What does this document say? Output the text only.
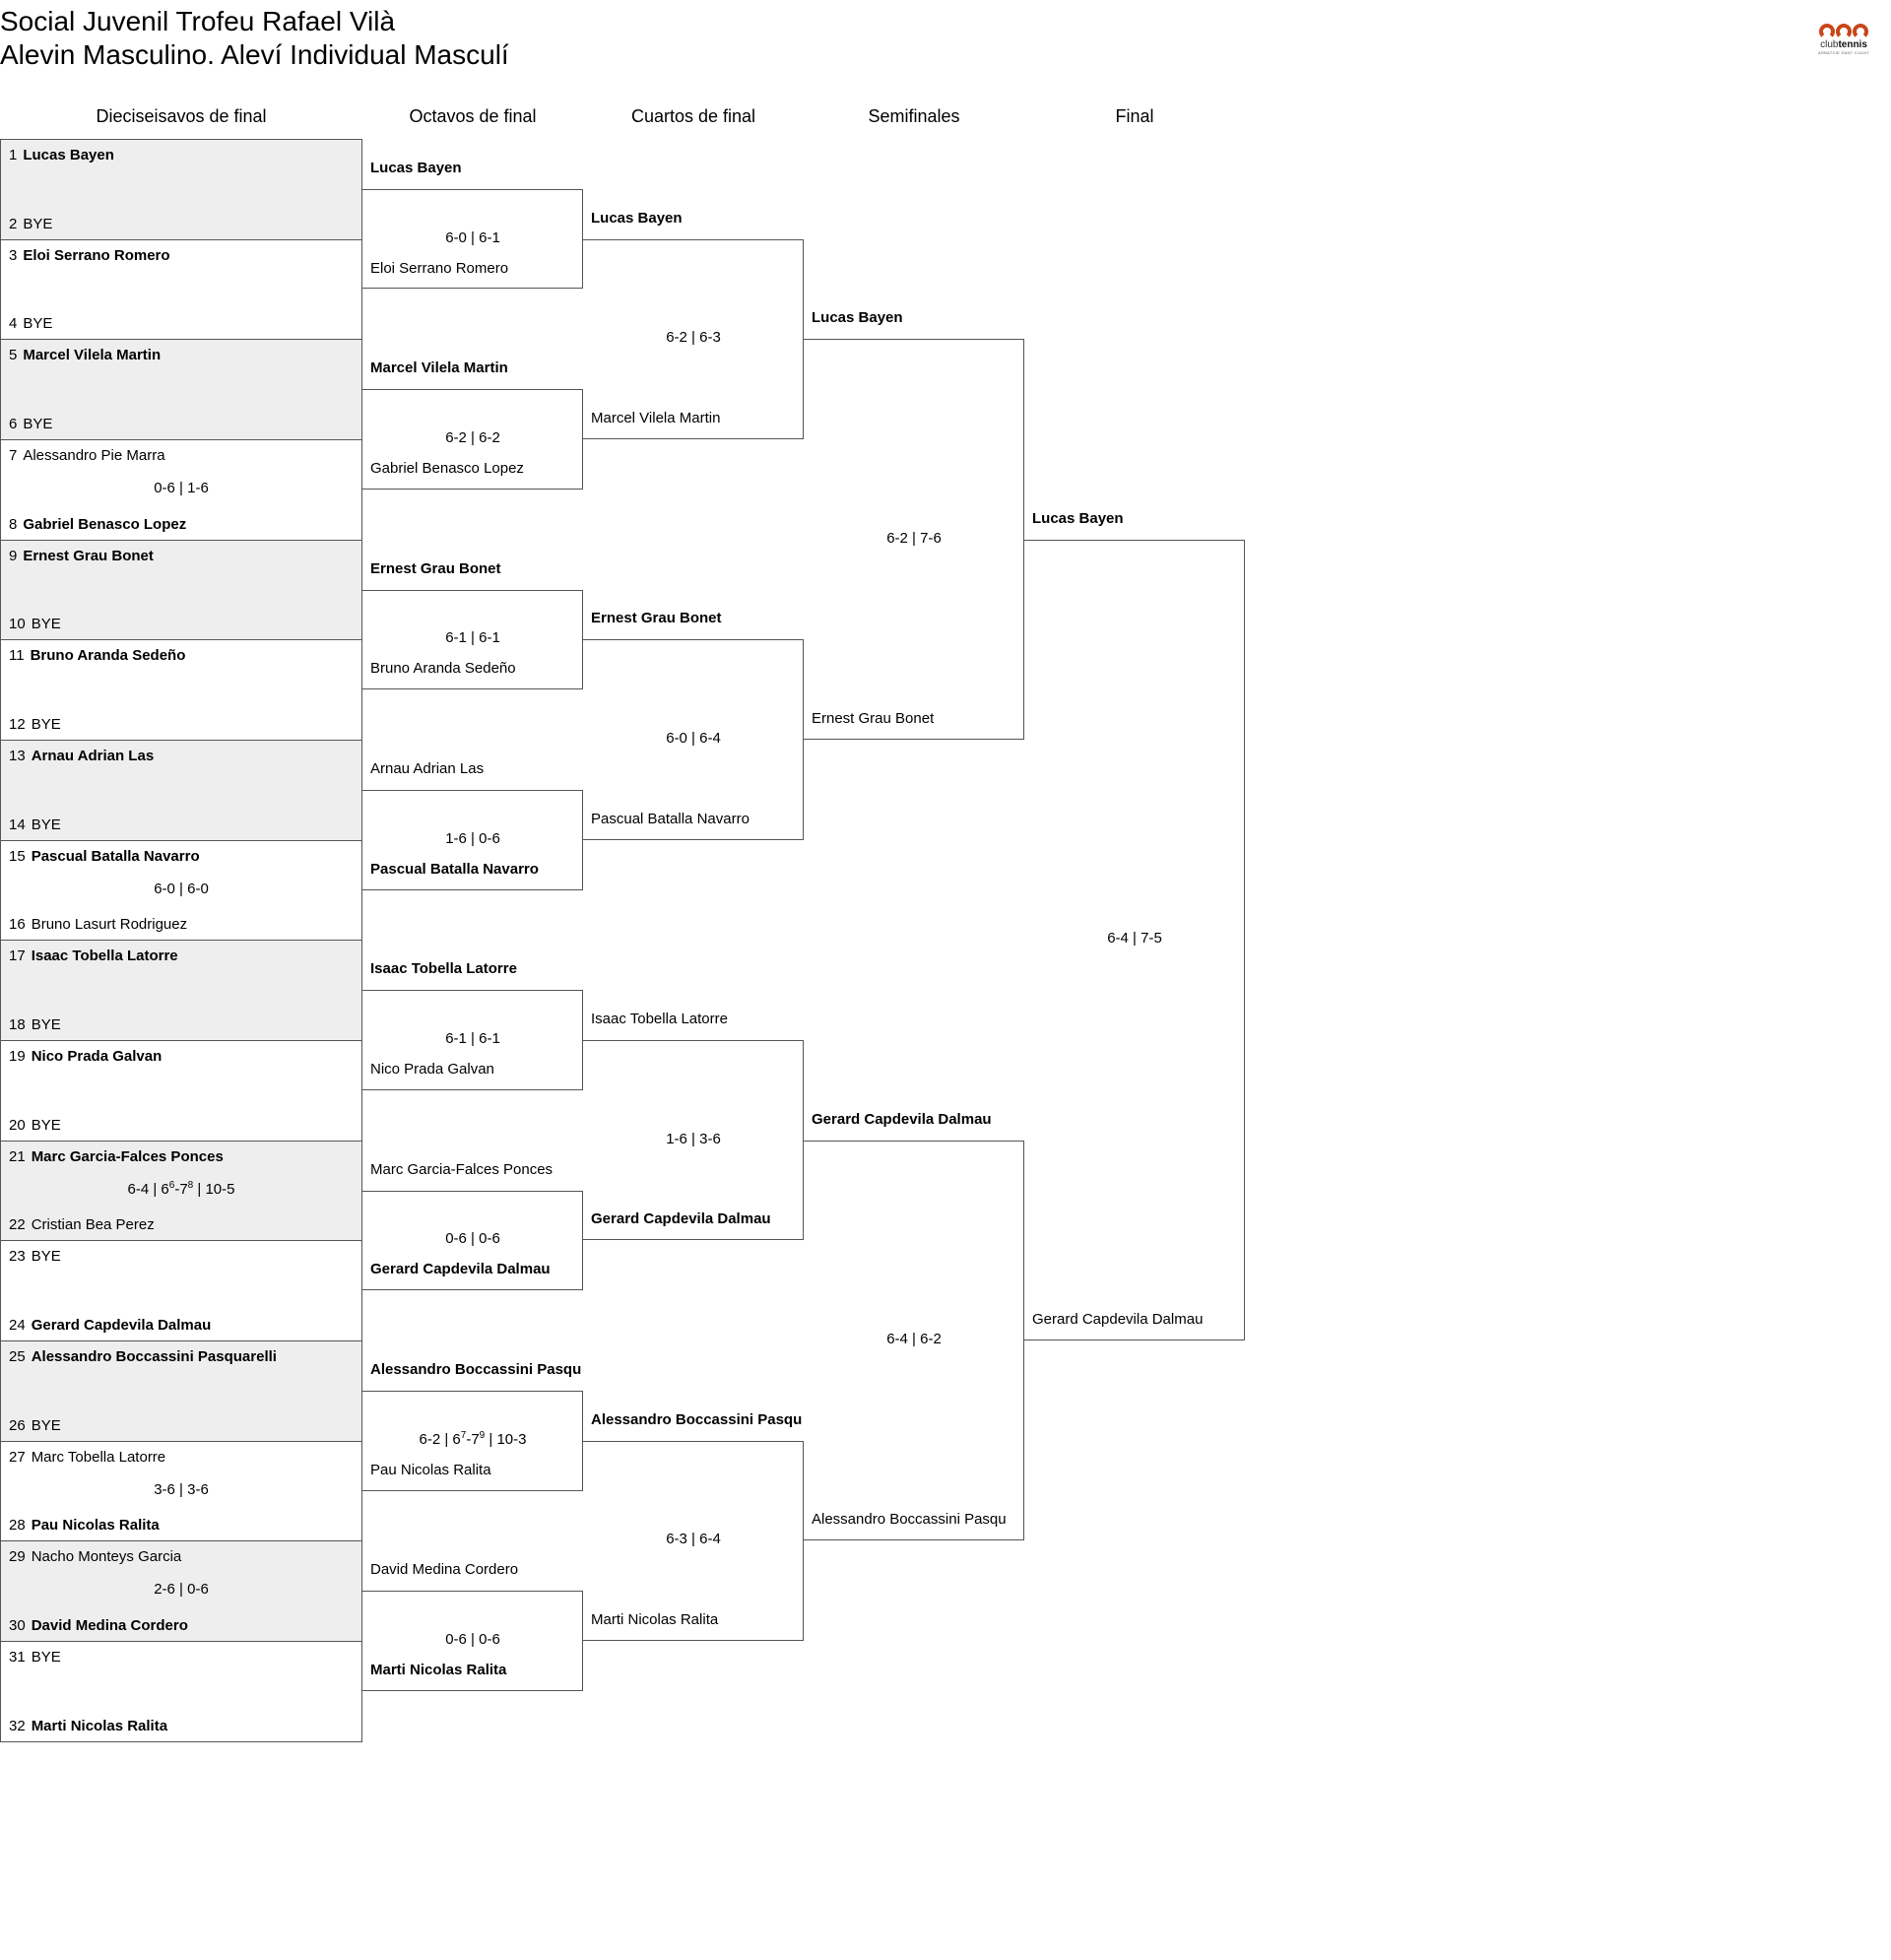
Social Juvenil Trofeu Rafael Vilà
Alevin Masculino. Aleví Individual Masculí	clubtennis
ARBATCIE SANT CUGAT
Dieciseisavos de final	Octavos de final	Cuartos de final	Semifinales	Final
1 Lucas Bayen
2 BYE
3 Eloi Serrano Romero
4 BYE
5 Marcel Vilela Martin
6 BYE
7 Alessandro Pie Marra
8 Gabriel Benasco Lopez
0-6 | 1-6
9 Ernest Grau Bonet
10 BYE
11 Bruno Aranda Sedeño
12 BYE
13 Arnau Adrian Las
14 BYE
15 Pascual Batalla Navarro
16 Bruno Lasurt Rodriguez
6-0 | 6-0
17 Isaac Tobella Latorre
18 BYE
19 Nico Prada Galvan
20 BYE
21 Marc Garcia-Falces Ponces
22 Cristian Bea Perez
6-4 | $6^6-7^8$ | 10-5
23 BYE
24 Gerard Capdevila Dalmau
25 Alessandro Boccassini Pasquarelli
26 BYE
27 Marc Tobella Latorre
28 Pau Nicolas Ralita
3-6 | 3-6
29 Nacho Monteys Garcia
30 David Medina Cordero
2-6 | 0-6
31 BYE
32 Marti Nicolas Ralita
Lucas Bayen
Eloi Serrano Romero
6-0 | 6-1
Marcel Vilela Martin
Gabriel Benasco Lopez
6-2 | 6-2
Ernest Grau Bonet
Bruno Aranda Sedeño
6-1 | 6-1
Arnau Adrian Las
Pascual Batalla Navarro
1-6 | 0-6
Isaac Tobella Latorre
Nico Prada Galvan
6-1 | 6-1
Marc Garcia-Falces Ponces
Gerard Capdevila Dalmau
0-6 | 0-6
Alessandro Boccassini Pasqu
Pau Nicolas Ralita
6-2 | $6^7-7^9$ | 10-3
David Medina Cordero
Marti Nicolas Ralita
0-6 | 0-6
Lucas Bayen
Marcel Vilela Martin
6-2 | 6-3
Ernest Grau Bonet
Pascual Batalla Navarro
6-0 | 6-4
Isaac Tobella Latorre
Gerard Capdevila Dalmau
1-6 | 3-6
Alessandro Boccassini Pasqu
Marti Nicolas Ralita
6-3 | 6-4
Lucas Bayen
Ernest Grau Bonet
6-2 | 7-6
Gerard Capdevila Dalmau
Alessandro Boccassini Pasqu
6-4 | 6-2
Lucas Bayen
Gerard Capdevila Dalmau
6-4 | 7-5
